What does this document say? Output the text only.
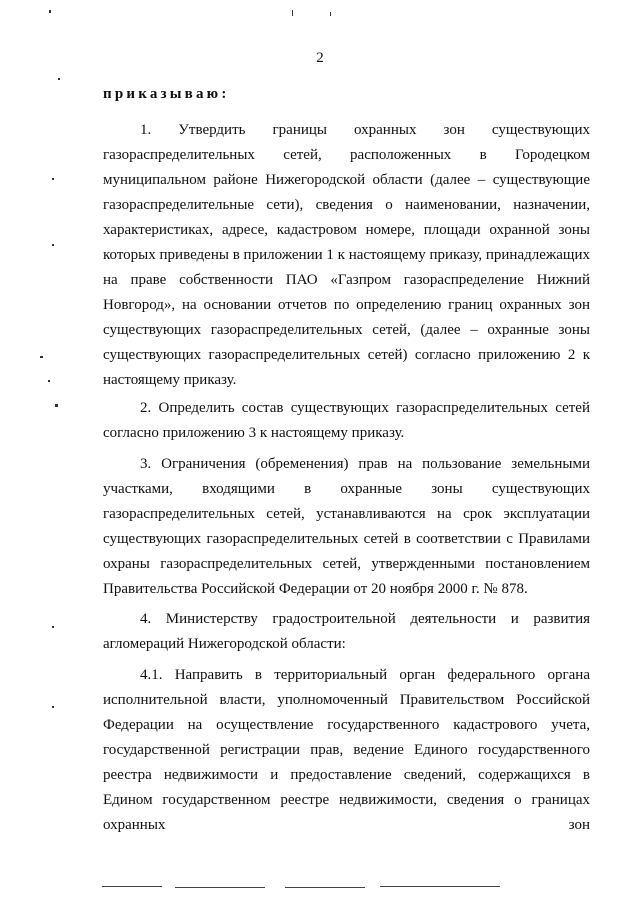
2
приказываю:

1. Утвердить границы охранных зон существующих газораспределительных сетей, расположенных в Городецком муниципальном районе Нижегородской области (далее – существующие газораспределительные сети), сведения о наименовании, назначении, характеристиках, адресе, кадастровом номере, площади охранной зоны которых приведены в приложении 1 к настоящему приказу, принадлежащих на праве собственности ПАО «Газпром газораспределение Нижний Новгород», на основании отчетов по определению границ охранных зон существующих газораспределительных сетей, (далее – охранные зоны существующих газораспределительных сетей) согласно приложению 2 к настоящему приказу.

2. Определить состав существующих газораспределительных сетей согласно приложению 3 к настоящему приказу.

3. Ограничения (обременения) прав на пользование земельными участками, входящими в охранные зоны существующих газораспределительных сетей, устанавливаются на срок эксплуатации существующих газораспределительных сетей в соответствии с Правилами охраны газораспределительных сетей, утвержденными постановлением Правительства Российской Федерации от 20 ноября 2000 г. № 878.

4. Министерству градостроительной деятельности и развития агломераций Нижегородской области:

4.1. Направить в территориальный орган федерального органа исполнительной власти, уполномоченный Правительством Российской Федерации на осуществление государственного кадастрового учета, государственной регистрации прав, ведение Единого государственного реестра недвижимости и предоставление сведений, содержащихся в Едином государственном реестре недвижимости, сведения о границах охранных зон
